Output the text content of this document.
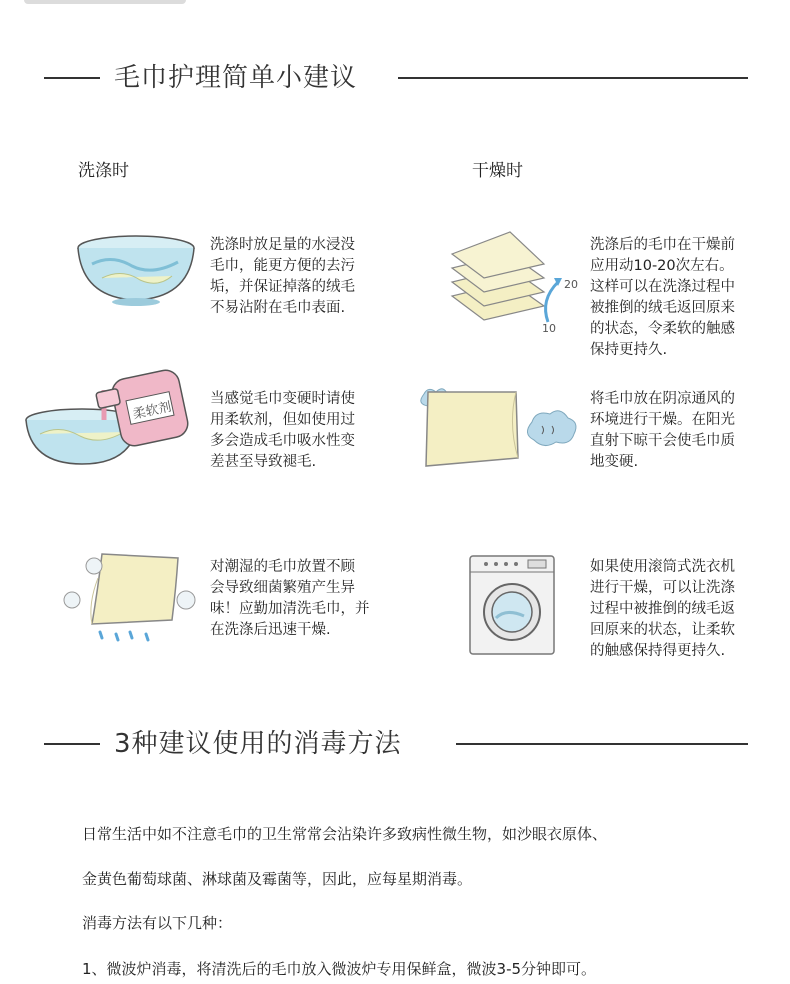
毛巾护理简单小建议
洗涤时	干燥时
洗涤时放足量的水浸没
毛巾，能更方便的去污
垢，并保证掉落的绒毛
不易沾附在毛巾表面.
柔软剂
当感觉毛巾变硬时请使
用柔软剂，但如使用过
多会造成毛巾吸水性变
差甚至导致褪毛.
对潮湿的毛巾放置不顾
会导致细菌繁殖产生异
味！应勤加清洗毛巾，并
在洗涤后迅速干燥.
20
10
洗涤后的毛巾在干燥前
应用动10-20次左右。
这样可以在洗涤过程中
被推倒的绒毛返回原来
的状态，令柔软的触感
保持更持久.
将毛巾放在阴凉通风的
环境进行干燥。在阳光
直射下晾干会使毛巾质
地变硬.
如果使用滚筒式洗衣机
进行干燥，可以让洗涤
过程中被推倒的绒毛返
回原来的状态，让柔软
的触感保持得更持久.
3种建议使用的消毒方法
日常生活中如不注意毛巾的卫生常常会沾染许多致病性微生物，如沙眼衣原体、
金黄色葡萄球菌、淋球菌及霉菌等，因此，应每星期消毒。
消毒方法有以下几种：
1、微波炉消毒，将清洗后的毛巾放入微波炉专用保鲜盒，微波3-5分钟即可。
